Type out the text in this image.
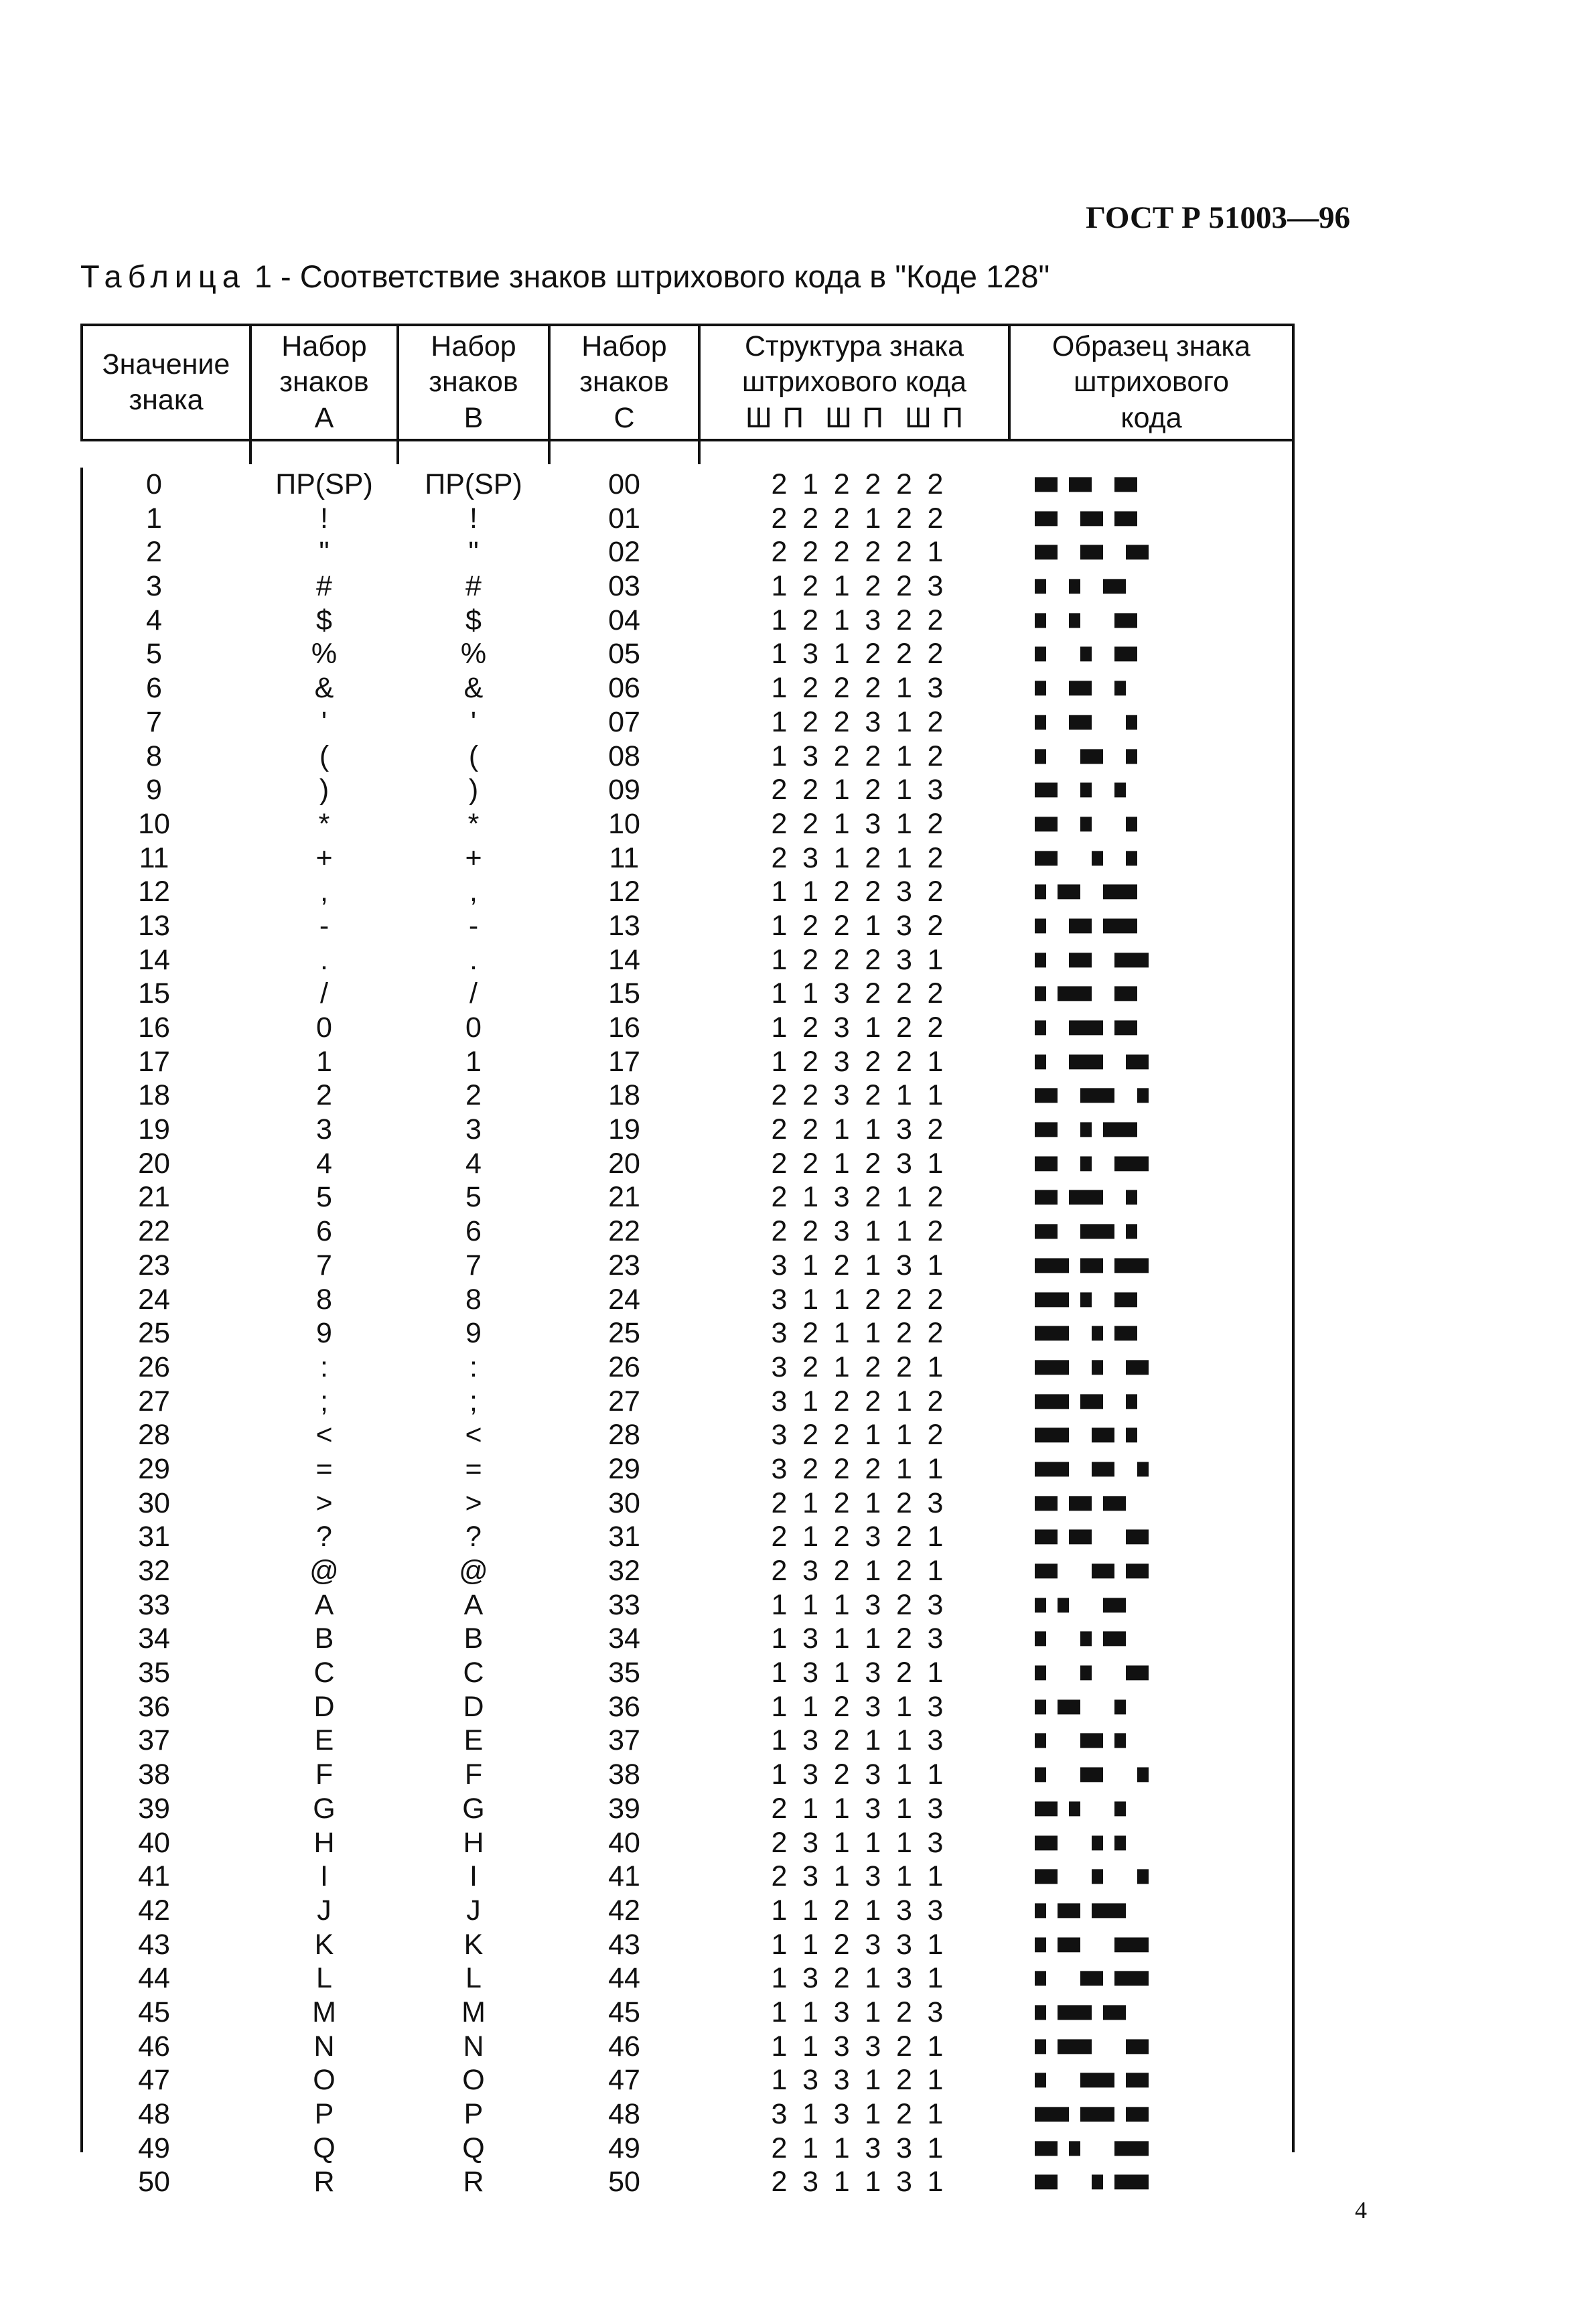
ГОСТ Р 51003—96
Таблица 1 - Соответствие знаков штрихового кода в "Коде 128"
Значение
знака
Набор
знаков
A
Набор
знаков
B
Набор
знаков
C
Структура знака
штрихового кода
Ш П  Ш П  Ш П
Образец знака
штрихового
кода
0
1
2
3
4
5
6
7
8
9
10
11
12
13
14
15
16
17
18
19
20
21
22
23
24
25
26
27
28
29
30
31
32
33
34
35
36
37
38
39
40
41
42
43
44
45
46
47
48
49
50
ПР(SP)
!
"
#
$
%
&
'
(
)
*
+
,
-
.
/
0
1
2
3
4
5
6
7
8
9
:
;
<
=
>
?
@
A
B
C
D
E
F
G
H
I
J
K
L
M
N
O
P
Q
R
ПР(SP)
!
"
#
$
%
&
'
(
)
*
+
,
-
.
/
0
1
2
3
4
5
6
7
8
9
:
;
<
=
>
?
@
A
B
C
D
E
F
G
H
I
J
K
L
M
N
O
P
Q
R
00
01
02
03
04
05
06
07
08
09
10
11
12
13
14
15
16
17
18
19
20
21
22
23
24
25
26
27
28
29
30
31
32
33
34
35
36
37
38
39
40
41
42
43
44
45
46
47
48
49
50
2 1 2 2 2 2
2 2 2 1 2 2
2 2 2 2 2 1
1 2 1 2 2 3
1 2 1 3 2 2
1 3 1 2 2 2
1 2 2 2 1 3
1 2 2 3 1 2
1 3 2 2 1 2
2 2 1 2 1 3
2 2 1 3 1 2
2 3 1 2 1 2
1 1 2 2 3 2
1 2 2 1 3 2
1 2 2 2 3 1
1 1 3 2 2 2
1 2 3 1 2 2
1 2 3 2 2 1
2 2 3 2 1 1
2 2 1 1 3 2
2 2 1 2 3 1
2 1 3 2 1 2
2 2 3 1 1 2
3 1 2 1 3 1
3 1 1 2 2 2
3 2 1 1 2 2
3 2 1 2 2 1
3 1 2 2 1 2
3 2 2 1 1 2
3 2 2 2 1 1
2 1 2 1 2 3
2 1 2 3 2 1
2 3 2 1 2 1
1 1 1 3 2 3
1 3 1 1 2 3
1 3 1 3 2 1
1 1 2 3 1 3
1 3 2 1 1 3
1 3 2 3 1 1
2 1 1 3 1 3
2 3 1 1 1 3
2 3 1 3 1 1
1 1 2 1 3 3
1 1 2 3 3 1
1 3 2 1 3 1
1 1 3 1 2 3
1 1 3 3 2 1
1 3 3 1 2 1
3 1 3 1 2 1
2 1 1 3 3 1
2 3 1 1 3 1
4
